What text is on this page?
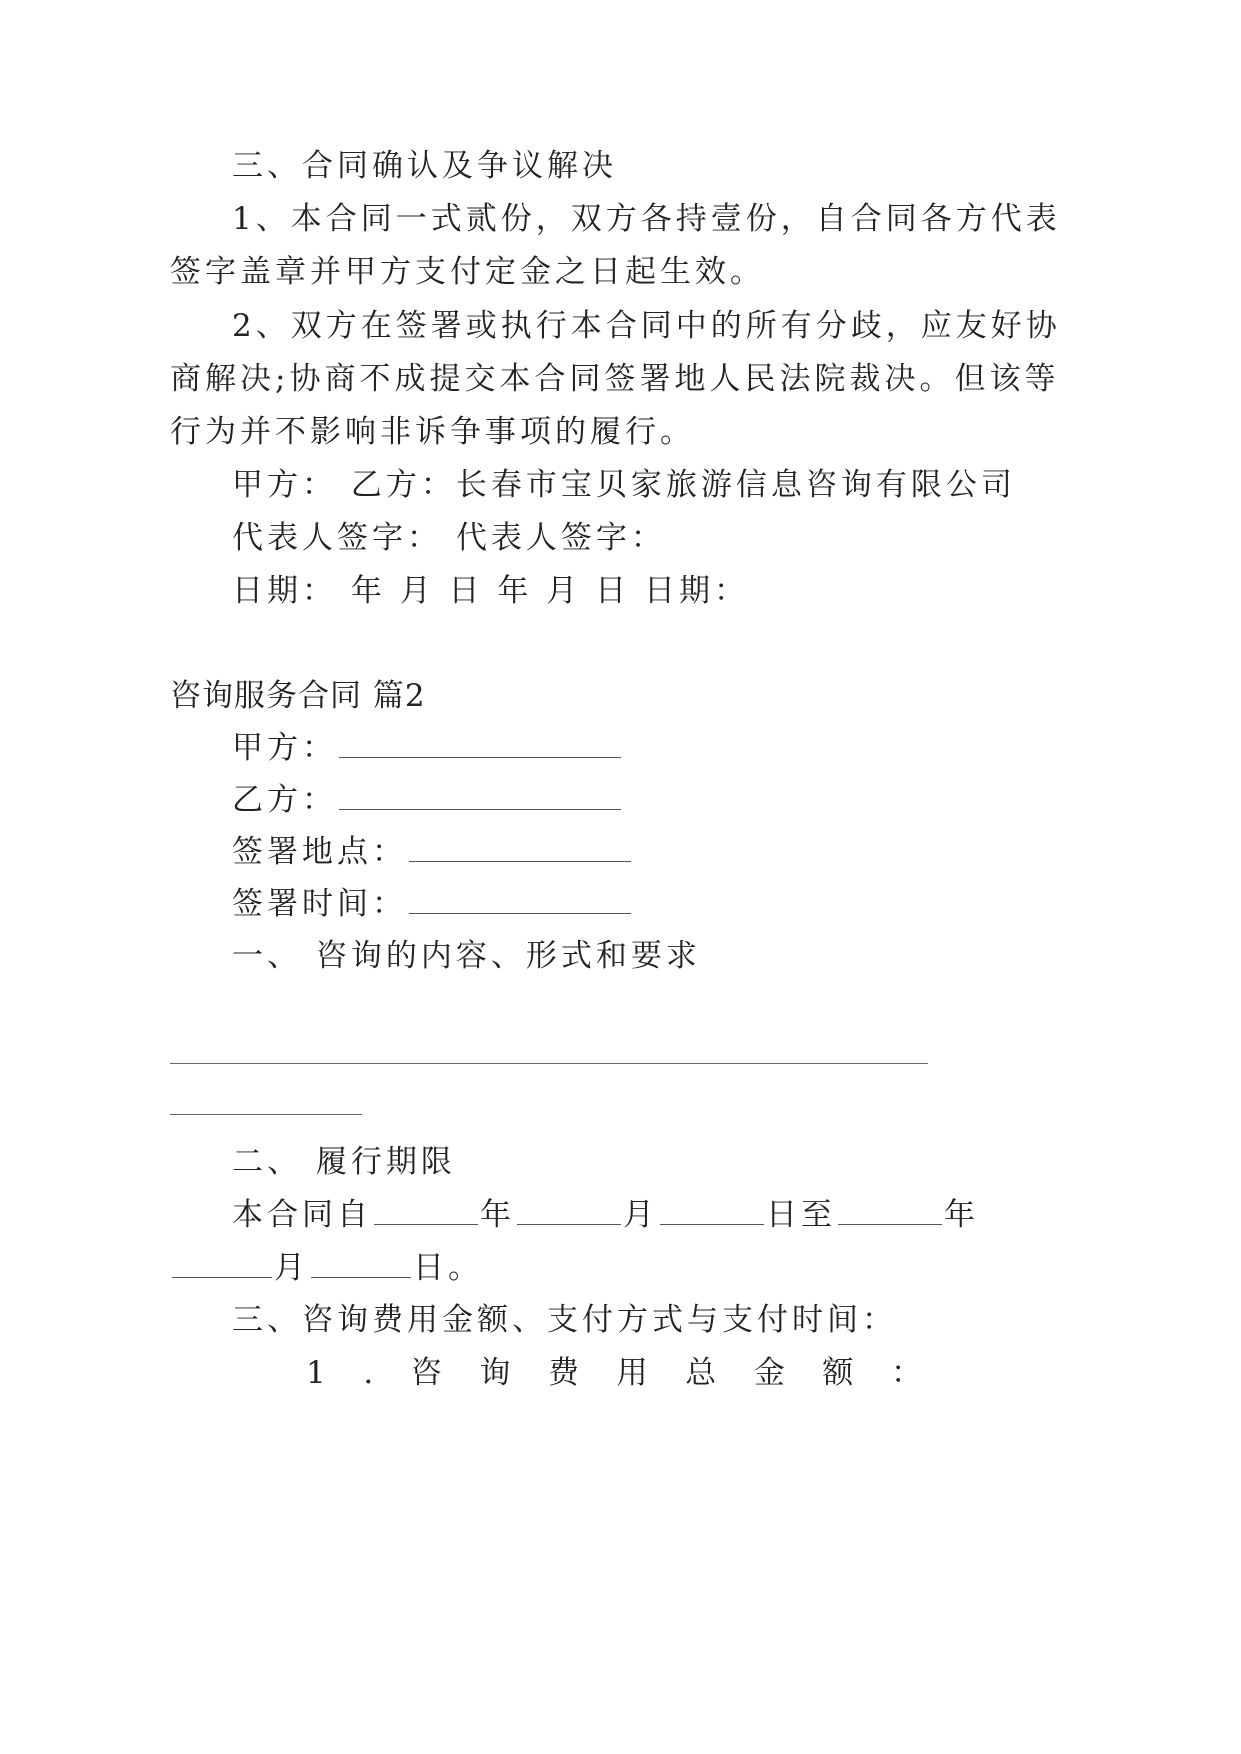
三、合同确认及争议解决

1、本合同一式贰份，双方各持壹份，自合同各方代表

签字盖章并甲方支付定金之日起生效。

2、双方在签署或执行本合同中的所有分歧，应友好协

商解决;协商不成提交本合同签署地人民法院裁决。但该等

行为并不影响非诉争事项的履行。

甲方： 乙方：长春市宝贝家旅游信息咨询有限公司

代表人签字： 代表人签字：

日期： 年 月 日 年 月 日 日期：

咨询服务合同 篇2

甲方：

乙方：

签署地点：

签署时间：

一、 咨询的内容、形式和要求

二、 履行期限

本合同自	年	月	日至	年

月	日。

三、咨询费用金额、支付方式与支付时间：

1 . 咨 询 费 用 总 金 额 ：
